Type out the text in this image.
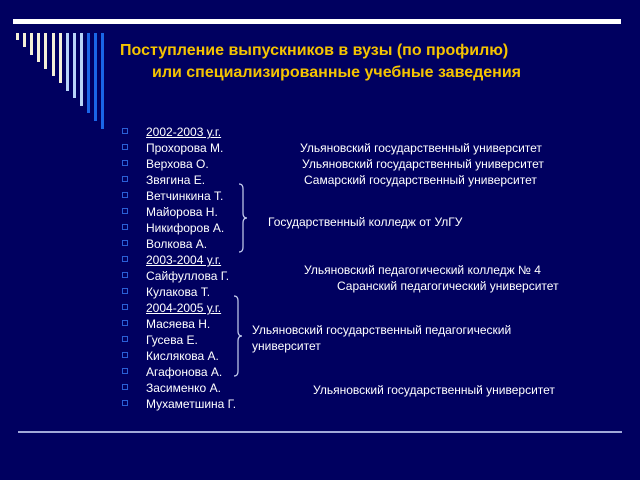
Поступление выпускников в вузы (по профилю)
или специализированные учебные заведения
2002-2003 у.г.
Прохорова М.
Верхова О.
Звягина Е.
Ветчинкина Т.
Майорова Н.
Никифоров А.
Волкова А.
2003-2004 у.г.
Сайфуллова Г.
Кулакова Т.
2004-2005 у.г.
Масяева Н.
Гусева Е.
Кислякова А.
Агафонова А.
Засименко А.
Мухаметшина Г.
Ульяновский государственный университет
Ульяновский государственный университет
Самарский государственный университет
Государственный колледж от УлГУ
Ульяновский педагогический колледж № 4
Саранский педагогический университет
Ульяновский государственный педагогический
университет
Ульяновский государственный университет
